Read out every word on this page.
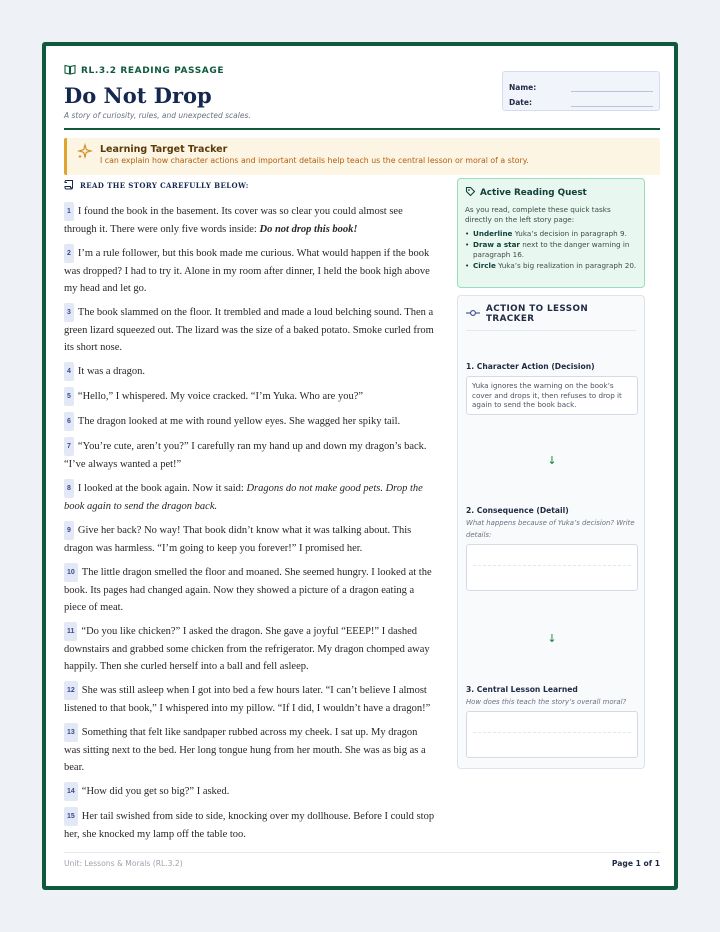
RL.3.2 READING PASSAGE
Do Not Drop
A story of curiosity, rules, and unexpected scales.
Name:
Date:
Learning Target Tracker
I can explain how character actions and important details help teach us the central lesson or moral of a story.
READ THE STORY CAREFULLY BELOW:

1 I found the book in the basement. Its cover was so clear you could almost see through it. There were only five words inside: Do not drop this book!

2 I’m a rule follower, but this book made me curious. What would happen if the book was dropped? I had to try it. Alone in my room after dinner, I held the book high above my head and let go.

3 The book slammed on the floor. It trembled and made a loud belching sound. Then a green lizard squeezed out. The lizard was the size of a baked potato. Smoke curled from its short nose.

4 It was a dragon.

5 “Hello,” I whispered. My voice cracked. “I’m Yuka. Who are you?”

6 The dragon looked at me with round yellow eyes. She wagged her spiky tail.

7 “You’re cute, aren’t you?” I carefully ran my hand up and down my dragon’s back. “I’ve always wanted a pet!”

8 I looked at the book again. Now it said: Dragons do not make good pets. Drop the book again to send the dragon back.

9 Give her back? No way! That book didn’t know what it was talking about. This dragon was harmless. “I’m going to keep you forever!” I promised her.

10 The little dragon smelled the floor and moaned. She seemed hungry. I looked at the book. Its pages had changed again. Now they showed a picture of a dragon eating a piece of meat.

11 “Do you like chicken?” I asked the dragon. She gave a joyful “EEEP!” I dashed downstairs and grabbed some chicken from the refrigerator. My dragon chomped away happily. Then she curled herself into a ball and fell asleep.

12 She was still asleep when I got into bed a few hours later. “I can’t believe I almost listened to that book,” I whispered into my pillow. “If I did, I wouldn’t have a dragon!”

13 Something that felt like sandpaper rubbed across my cheek. I sat up. My dragon was sitting next to the bed. Her long tongue hung from her mouth. She was as big as a bear.

14 “How did you get so big?” I asked.

15 Her tail swished from side to side, knocking over my dollhouse. Before I could stop her, she knocked my lamp off the table too.

Active Reading Quest
As you read, complete these quick tasks directly on the left story page:
• Underline Yuka’s decision in paragraph 9.
• Draw a star next to the danger warning in paragraph 16.
• Circle Yuka’s big realization in paragraph 20.
ACTION TO LESSON TRACKER
1. Character Action (Decision)
Yuka ignores the warning on the book’s cover and drops it, then refuses to drop it again to send the book back.
↓
2. Consequence (Detail)
What happens because of Yuka’s decision? Write details:
↓
3. Central Lesson Learned
How does this teach the story’s overall moral?
Unit: Lessons & Morals (RL.3.2)	Page 1 of 1
